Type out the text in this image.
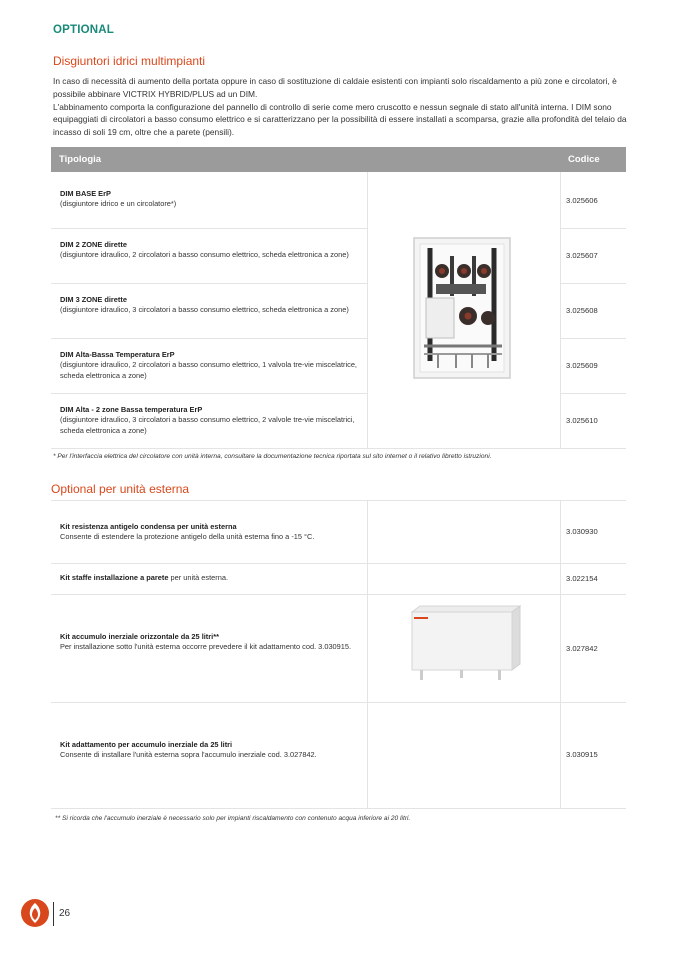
OPTIONAL
Disgiuntori idrici multimpianti

In caso di necessità di aumento della portata oppure in caso di sostituzione di caldaie esistenti con impianti solo riscaldamento a più zone e circolatori, è possibile abbinare VICTRIX HYBRID/PLUS ad un DIM.

L'abbinamento comporta la configurazione del pannello di controllo di serie come mero cruscotto e nessun segnale di stato all'unità interna. I DIM sono equipaggiati di circolatori a basso consumo elettrico e si caratterizzano per la possibilità di essere installati a scomparsa, grazie alla profondità del telaio da incasso di soli 19 cm, oltre che a parete (pensili).

Tipologia	Codice
DIM BASE ErP
(disgiuntore idrico e un circolatore*)	3.025606
DIM 2 ZONE dirette
(disgiuntore idraulico, 2 circolatori a basso consumo elettrico, scheda elettronica a zone)	3.025607
DIM 3 ZONE dirette
(disgiuntore idraulico, 3 circolatori a basso consumo elettrico, scheda elettronica a zone)	3.025608
DIM Alta-Bassa Temperatura ErP
(disgiuntore idraulico, 2 circolatori a basso consumo elettrico, 1 valvola tre-vie miscelatrice, scheda elettronica a zone)
3.025609
DIM Alta - 2 zone Bassa temperatura ErP
(disgiuntore idraulico, 3 circolatori a basso consumo elettrico, 2 valvole tre-vie miscelatrici, scheda elettronica a zone)
3.025610
* Per l'interfaccia elettrica del circolatore con unità interna, consultare la documentazione tecnica riportata sul sito internet o il relativo libretto istruzioni.
Optional per unità esterna
Kit resistenza antigelo condensa per unità esterna
Consente di estendere la protezione antigelo della unità esterna fino a -15 °C.
3.030930
Kit staffe installazione a parete per unità esterna.	3.022154
Kit accumulo inerziale orizzontale da 25 litri**
Per installazione sotto l'unità esterna occorre prevedere il kit adattamento cod. 3.030915.	3.027842
Kit adattamento per accumulo inerziale da 25 litri
Consente di installare l'unità esterna sopra l'accumulo inerziale cod. 3.027842.	3.030915
** Si ricorda che l'accumulo inerziale è necessario solo per impianti riscaldamento con contenuto acqua inferiore ai 20 litri.
26
